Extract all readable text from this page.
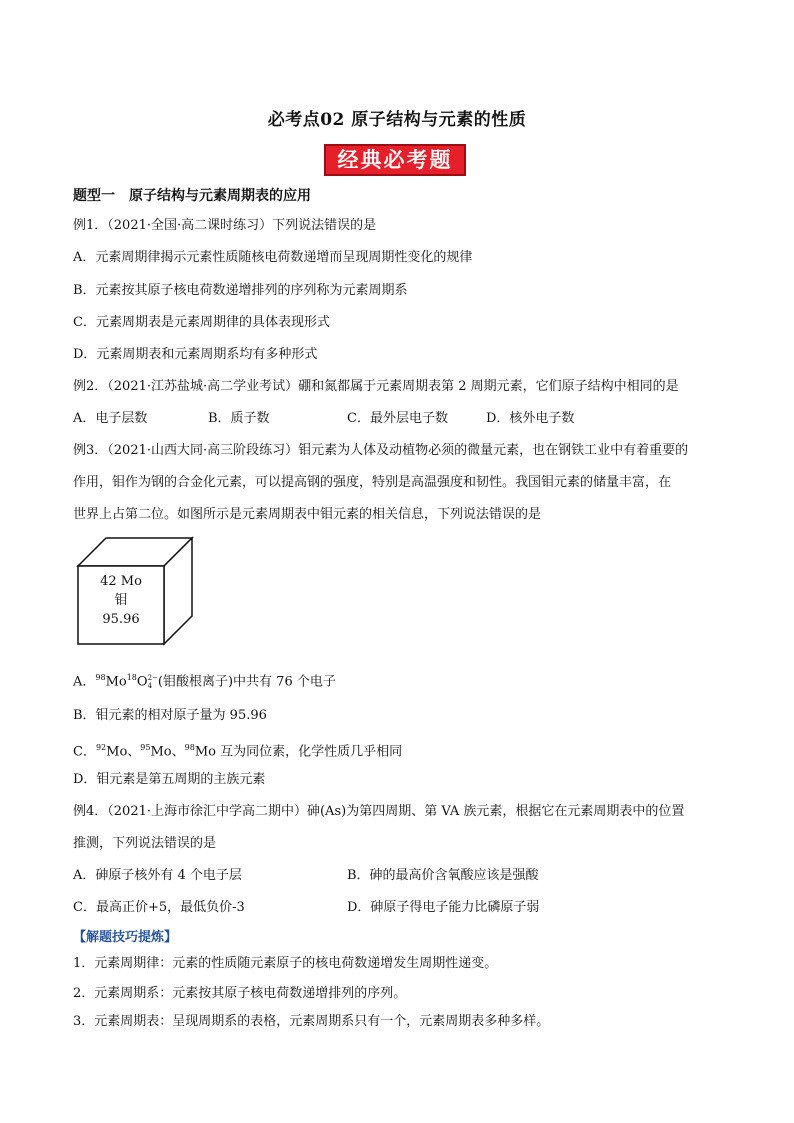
必考点02 原子结构与元素的性质
经典必考题
题型一　原子结构与元素周期表的应用
例1．（2021·全国·高二课时练习）下列说法错误的是
A．元素周期律揭示元素性质随核电荷数递增而呈现周期性变化的规律
B．元素按其原子核电荷数递增排列的序列称为元素周期系
C．元素周期表是元素周期律的具体表现形式
D．元素周期表和元素周期系均有多种形式
例2．（2021·江苏盐城·高二学业考试）硼和氮都属于元素周期表第 2 周期元素，它们原子结构中相同的是
A．电子层数	B．质子数	C．最外层电子数	D．核外电子数
例3．（2021·山西大同·高三阶段练习）钼元素为人体及动植物必须的微量元素，也在钢铁工业中有着重要的
作用，钼作为钢的合金化元素，可以提高钢的强度，特别是高温强度和韧性。我国钼元素的储量丰富，在
世界上占第二位。如图所示是元素周期表中钼元素的相关信息，下列说法错误的是
42 Mo
钼
95.96
A．$^{98}Mo^{18}O2-$
4 (钼酸根离子)中共有 76 个电子
B．钼元素的相对原子量为 95.96
C．$^{92}$Mo、$^{95}$Mo、$^{98}$Mo 互为同位素，化学性质几乎相同
D．钼元素是第五周期的主族元素
例4．（2021·上海市徐汇中学高二期中）砷(As)为第四周期、第 VA 族元素，根据它在元素周期表中的位置
推测，下列说法错误的是
A．砷原子核外有 4 个电子层	B．砷的最高价含氧酸应该是强酸
C．最高正价+5，最低负价-3	D．砷原子得电子能力比磷原子弱
【解题技巧提炼】
1．元素周期律：元素的性质随元素原子的核电荷数递增发生周期性递变。
2．元素周期系：元素按其原子核电荷数递增排列的序列。
3．元素周期表：呈现周期系的表格，元素周期系只有一个，元素周期表多种多样。
